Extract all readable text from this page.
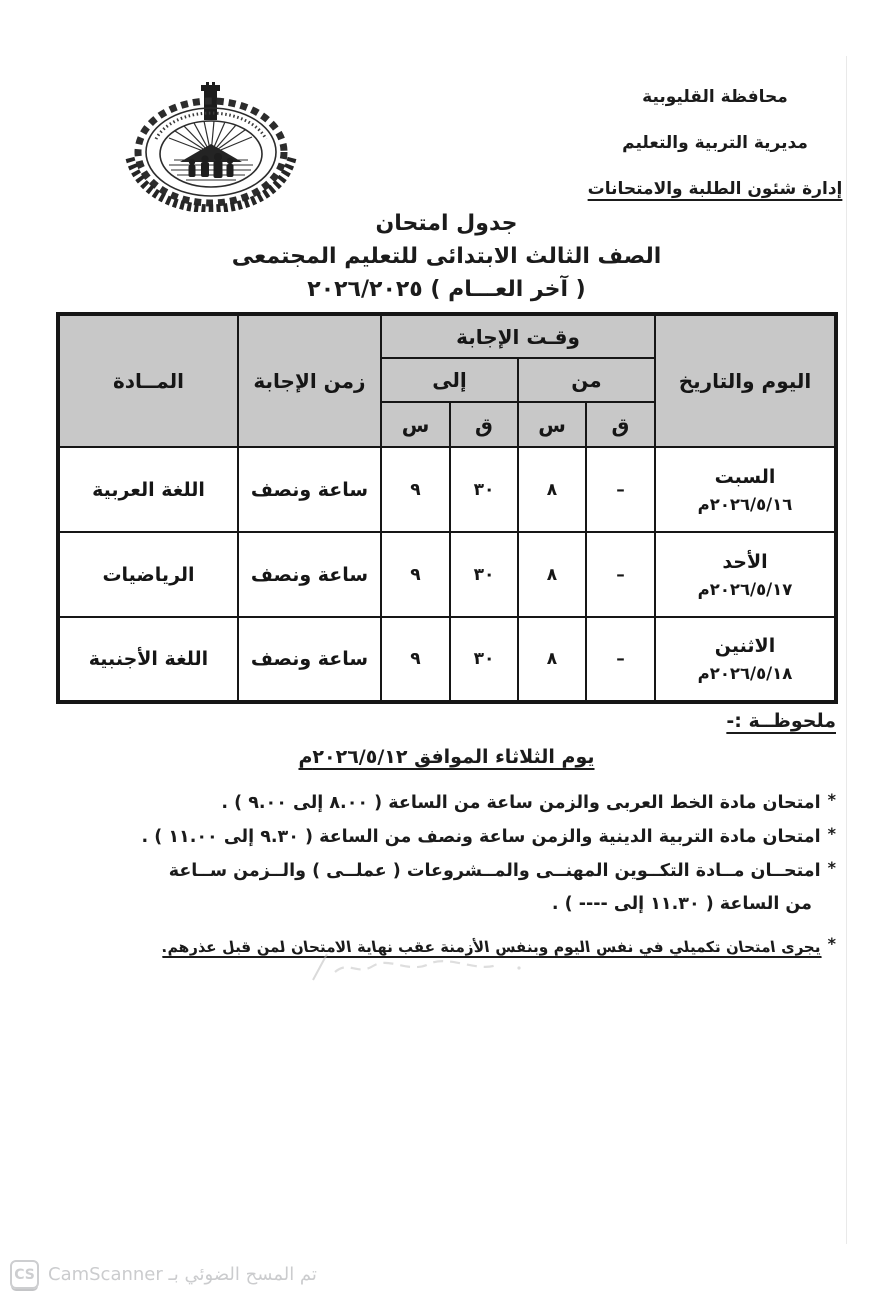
محافظة القليوبية
مديرية التربية والتعليم
إدارة شئون الطلبة والامتحانات
جدول امتحان
الصف الثالث الابتدائى للتعليم المجتمعى
( آخر العـــام ) ٢٠٢٦/٢٠٢٥
اليوم والتاريخ	وقـت الإجابة				زمن الإجابة	المــادة
	من		إلى			
	ق	س	ق	س		

السبت
٢٠٢٦/٥/١٦م	–	٨	٣٠	٩	ساعة ونصف	اللغة العربية

الأحد
٢٠٢٦/٥/١٧م	–	٨	٣٠	٩	ساعة ونصف	الرياضيات

الاثنين
٢٠٢٦/٥/١٨م	–	٨	٣٠	٩	ساعة ونصف	اللغة الأجنبية
ملحوظــة :-
يوم الثلاثاء الموافق ٢٠٢٦/٥/١٢م
*امتحان مادة الخط العربى والزمن ساعة من الساعة ( ٨.٠٠ إلى ٩.٠٠ ) .
*امتحان مادة التربية الدينية والزمن ساعة ونصف من الساعة ( ٩.٣٠ إلى ١١.٠٠ ) .
*امتحــان مــادة التكــوين المهنــى والمــشروعات ( عملــى ) والــزمن ســاعة
من الساعة ( ١١.٣٠ إلى ---- ) .
*يجرى امتحان تكميلي في نفس اليوم وبنفس الأزمنة عقب نهاية الامتحان لمن قبل عذرهم.
CS تم المسح الضوئي بـ CamScanner
